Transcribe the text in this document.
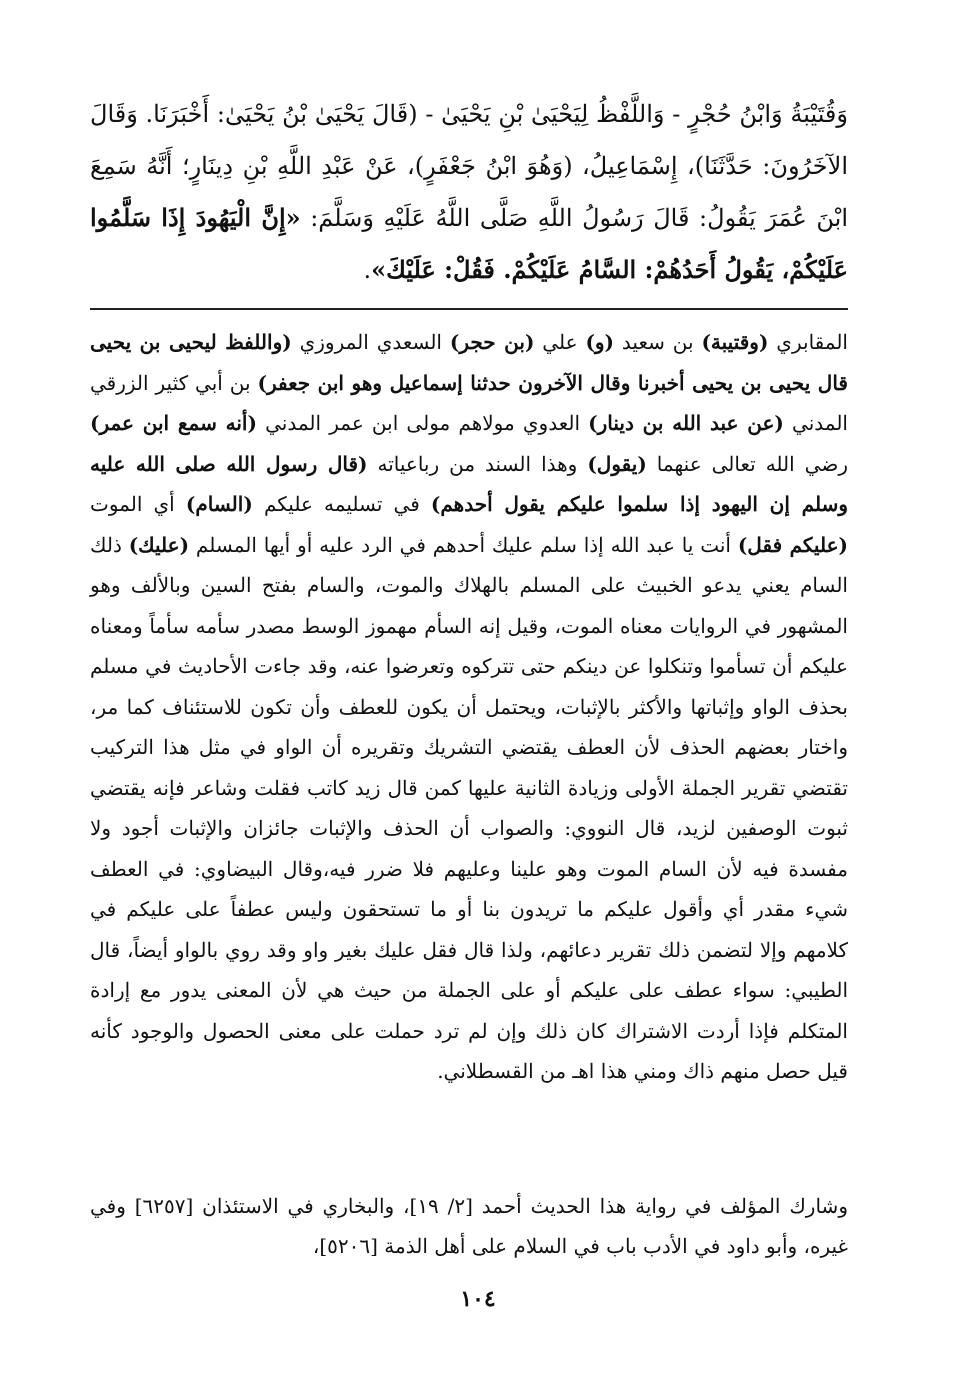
وَقُتَيْبَةُ وَابْنُ حُجْرٍ - وَاللَّفْظُ لِيَحْيَىٰ بْنِ يَحْيَىٰ - (قَالَ يَحْيَىٰ بْنُ يَحْيَىٰ: أَخْبَرَنَا. وَقَالَ الآخَرُونَ: حَدَّثَنَا)، إِسْمَاعِيلُ، (وَهُوَ ابْنُ جَعْفَرٍ)، عَنْ عَبْدِ اللَّهِ بْنِ دِينَارٍ؛ أَنَّهُ سَمِعَ ابْنَ عُمَرَ يَقُولُ: قَالَ رَسُولُ اللَّهِ صَلَّى اللَّهُ عَلَيْهِ وَسَلَّمَ: «إِنَّ الْيَهُودَ إِذَا سَلَّمُوا عَلَيْكُمْ، يَقُولُ أَحَدُهُمْ: السَّامُ عَلَيْكُمْ. فَقُلْ: عَلَيْكَ».

المقابري (وقتيبة) بن سعيد (و) علي (بن حجر) السعدي المروزي (واللفظ ليحيى بن يحيى قال يحيى بن يحيى أخبرنا وقال الآخرون حدثنا إسماعيل وهو ابن جعفر) بن أبي كثير الزرقي المدني (عن عبد الله بن دينار) العدوي مولاهم مولى ابن عمر المدني (أنه سمع ابن عمر) رضي الله تعالى عنهما (يقول) وهذا السند من رباعياته (قال رسول الله صلى الله عليه وسلم إن اليهود إذا سلموا عليكم يقول أحدهم) في تسليمه عليكم (السام) أي الموت (عليكم فقل) أنت يا عبد الله إذا سلم عليك أحدهم في الرد عليه أو أيها المسلم (عليك) ذلك السام يعني يدعو الخبيث على المسلم بالهلاك والموت، والسام بفتح السين وبالألف وهو المشهور في الروايات معناه الموت، وقيل إنه السأم مهموز الوسط مصدر سأمه سأماً ومعناه عليكم أن تسأموا وتنكلوا عن دينكم حتى تتركوه وتعرضوا عنه، وقد جاءت الأحاديث في مسلم بحذف الواو وإثباتها والأكثر بالإثبات، ويحتمل أن يكون للعطف وأن تكون للاستئناف كما مر، واختار بعضهم الحذف لأن العطف يقتضي التشريك وتقريره أن الواو في مثل هذا التركيب تقتضي تقرير الجملة الأولى وزيادة الثانية عليها كمن قال زيد كاتب فقلت وشاعر فإنه يقتضي ثبوت الوصفين لزيد، قال النووي: والصواب أن الحذف والإثبات جائزان والإثبات أجود ولا مفسدة فيه لأن السام الموت وهو علينا وعليهم فلا ضرر فيه،وقال البيضاوي: في العطف شيء مقدر أي وأقول عليكم ما تريدون بنا أو ما تستحقون وليس عطفاً على عليكم في كلامهم وإلا لتضمن ذلك تقرير دعائهم، ولذا قال فقل عليك بغير واو وقد روي بالواو أيضاً، قال الطيبي: سواء عطف على عليكم أو على الجملة من حيث هي لأن المعنى يدور مع إرادة المتكلم فإذا أردت الاشتراك كان ذلك وإن لم ترد حملت على معنى الحصول والوجود كأنه قيل حصل منهم ذاك ومني هذا اهـ من القسطلاني.

وشارك المؤلف في رواية هذا الحديث أحمد [٢/ ١٩]، والبخاري في الاستئذان [٦٢٥٧] وفي غيره، وأبو داود في الأدب باب في السلام على أهل الذمة [٥٢٠٦]،

١٠٤
